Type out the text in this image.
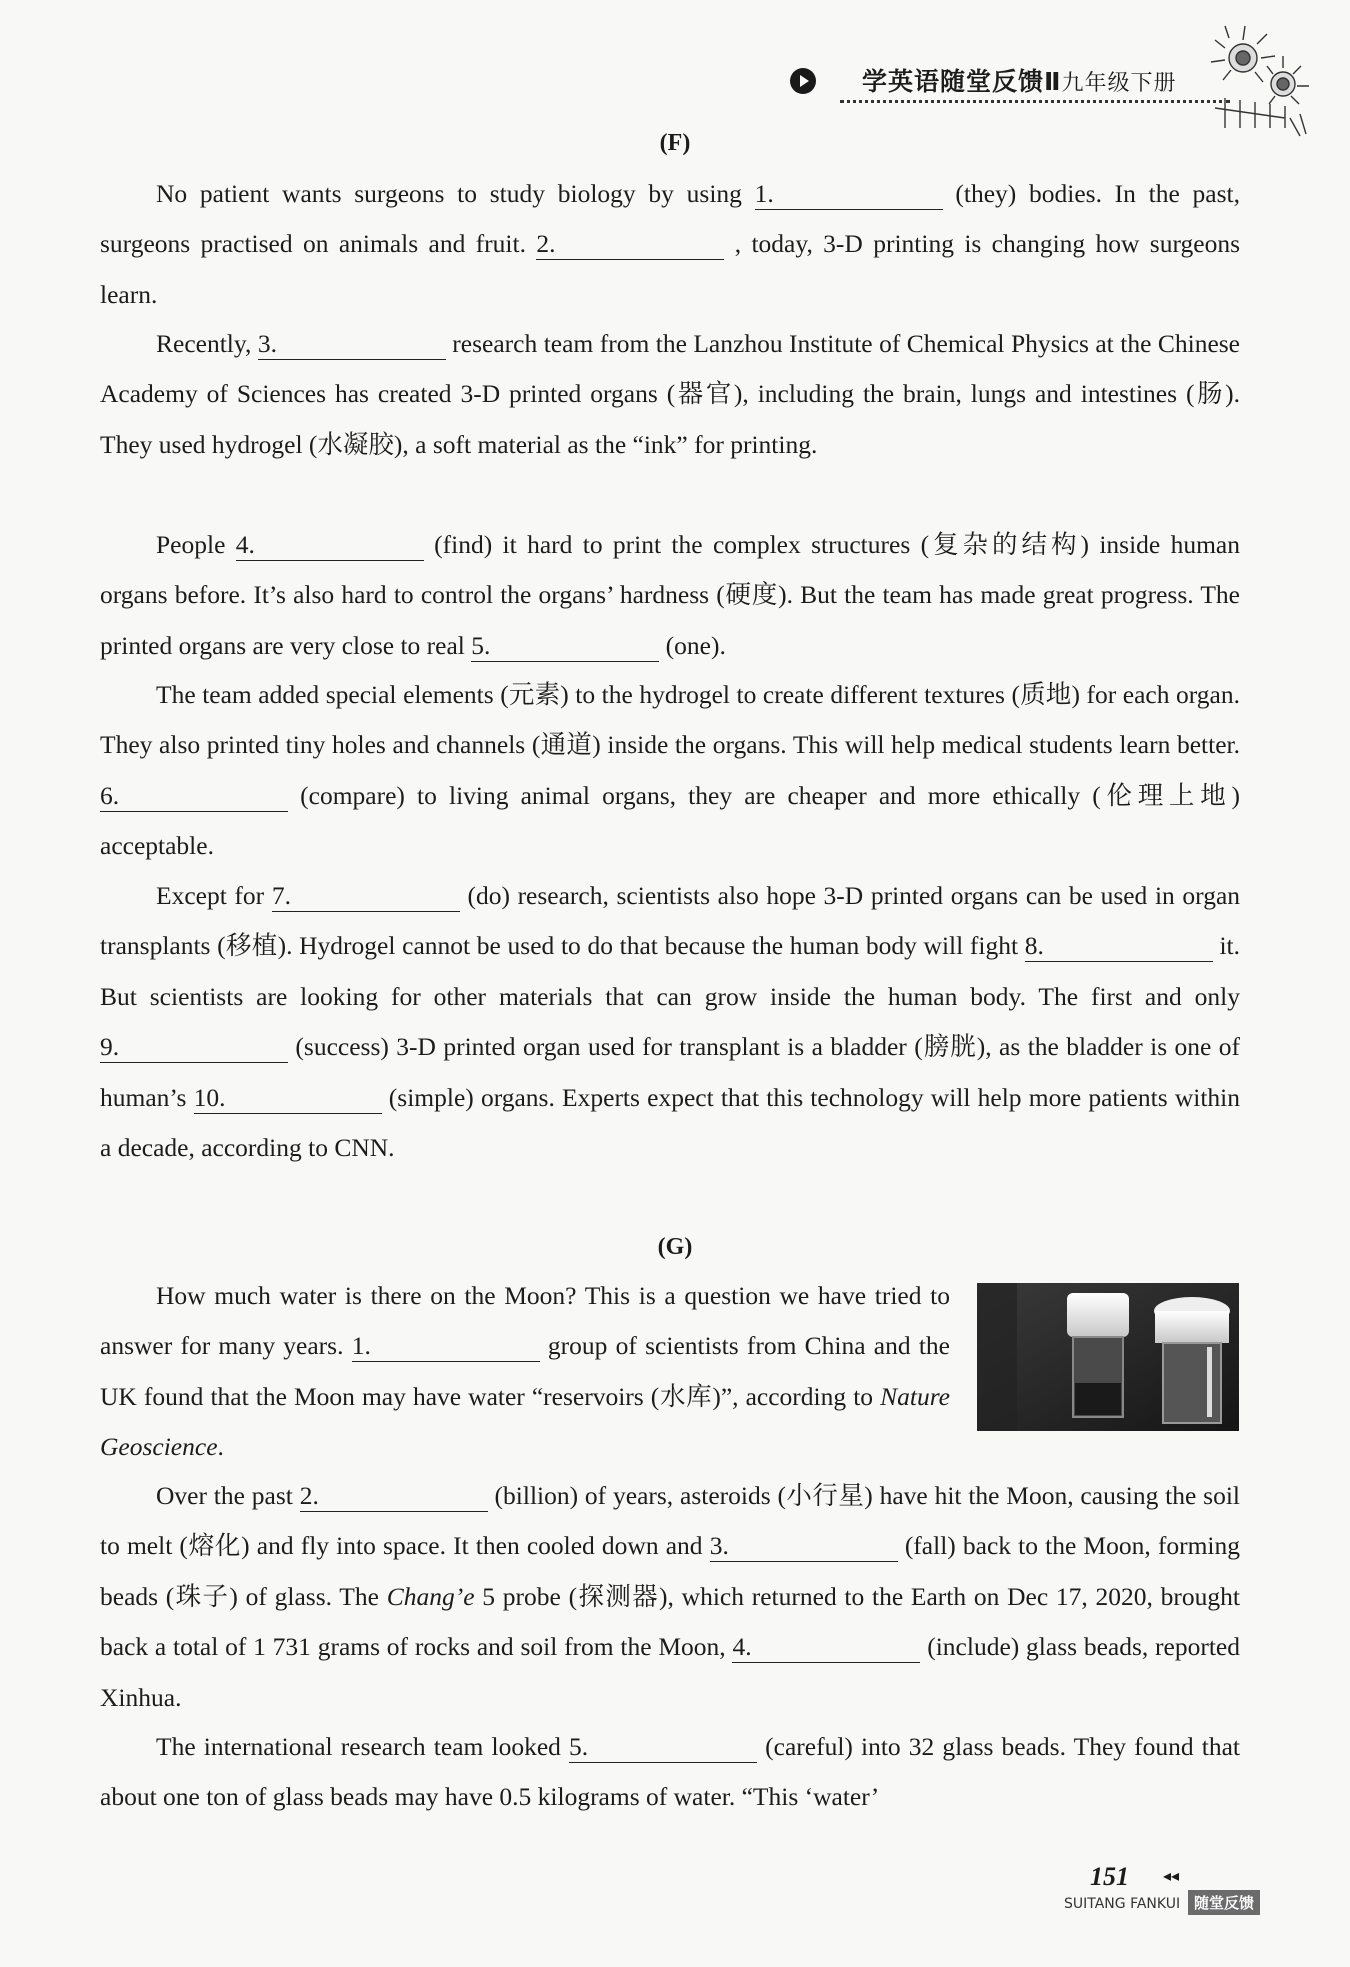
学英语随堂反馈Ⅱ九年级下册
(F)
No patient wants surgeons to study biology by using 1.	(they) bodies. In the past, surgeons practised on animals and fruit. 2.	, today, 3-D printing is changing how surgeons learn.
Recently, 3.	research team from the Lanzhou Institute of Chemical Physics at the Chinese Academy of Sciences has created 3-D printed organs (器官), including the brain, lungs and intestines (肠). They used hydrogel (水凝胶), a soft material as the “ink” for printing.
People 4.	(find) it hard to print the complex structures (复杂的结构) inside human organs before. It’s also hard to control the organs’ hardness (硬度). But the team has made great progress. The printed organs are very close to real 5.	(one).
The team added special elements (元素) to the hydrogel to create different textures (质地) for each organ. They also printed tiny holes and channels (通道) inside the organs. This will help medical students learn better. 6.	(compare) to living animal organs, they are cheaper and more ethically (伦理上地) acceptable.
Except for 7.	(do) research, scientists also hope 3-D printed organs can be used in organ transplants (移植). Hydrogel cannot be used to do that because the human body will fight 8.	it. But scientists are looking for other materials that can grow inside the human body. The first and only 9.	(success) 3-D printed organ used for transplant is a bladder (膀胱), as the bladder is one of human’s 10.	(simple) organs. Experts expect that this technology will help more patients within a decade, according to CNN.
(G)
How much water is there on the Moon? This is a question we have tried to answer for many years. 1.	group of scientists from China and the UK found that the Moon may have water “reservoirs (水库)”, according to Nature Geoscience.
Over the past 2.	(billion) of years, asteroids (小行星) have hit the Moon, causing the soil to melt (熔化) and fly into space. It then cooled down and 3.	(fall) back to the Moon, forming beads (珠子) of glass. The Chang’e 5 probe (探测器), which returned to the Earth on Dec 17, 2020, brought back a total of 1 731 grams of rocks and soil from the Moon, 4.	(include) glass beads, reported Xinhua.
The international research team looked 5.	(careful) into 32 glass beads. They found that about one ton of glass beads may have 0.5 kilograms of water. “This ‘water’
151 ◂◂
SUITANG FANKUI 随堂反馈
